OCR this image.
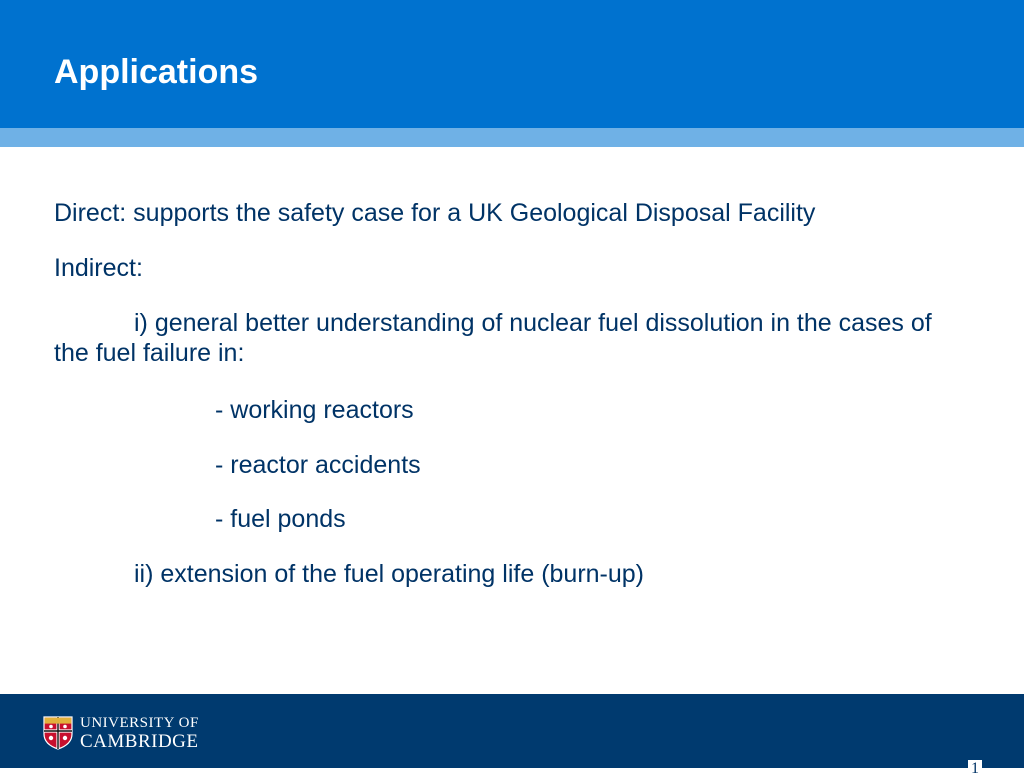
Applications

Direct: supports the safety case for a UK Geological Disposal Facility

Indirect:

i) general better understanding of nuclear fuel dissolution in the cases of the fuel failure in:

- working reactors

- reactor accidents

- fuel ponds

ii) extension of the fuel operating life (burn-up)

UNIVERSITY OF
CAMBRIDGE
1
